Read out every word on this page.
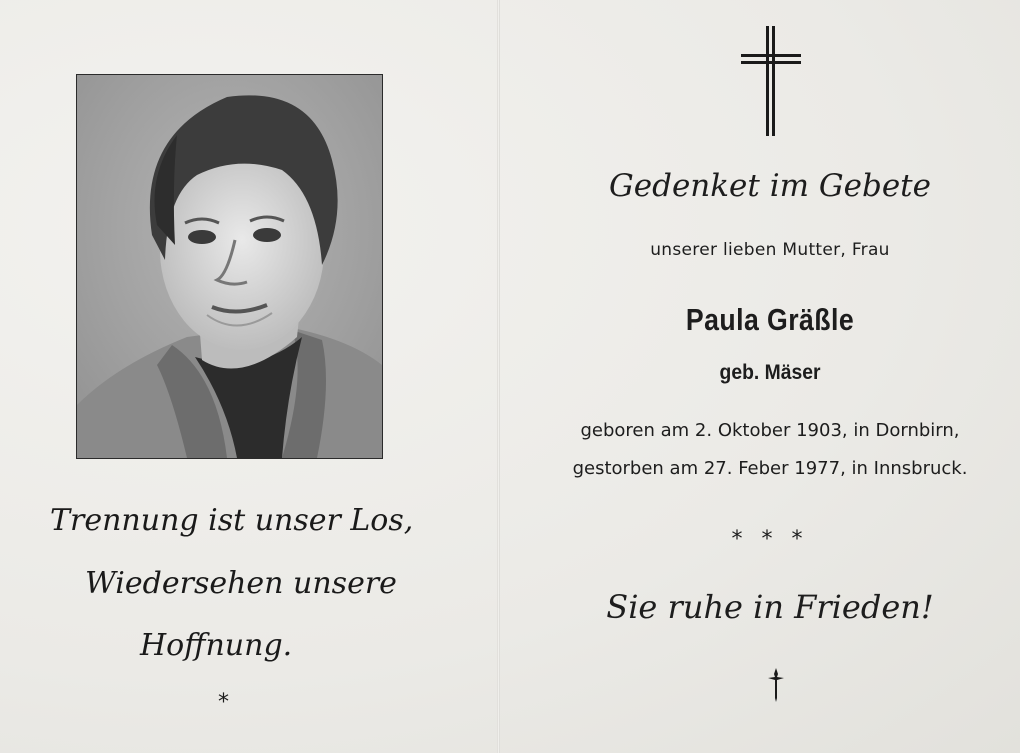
Trennung ist unser Los,
Wiedersehen unsere
Hoffnung.
*
Gedenket im Gebete
unserer lieben Mutter, Frau
Paula Gräßle
geb. Mäser
geboren am 2. Oktober 1903, in Dornbirn,
gestorben am 27. Feber 1977, in Innsbruck.
* * *
Sie ruhe in Frieden!
